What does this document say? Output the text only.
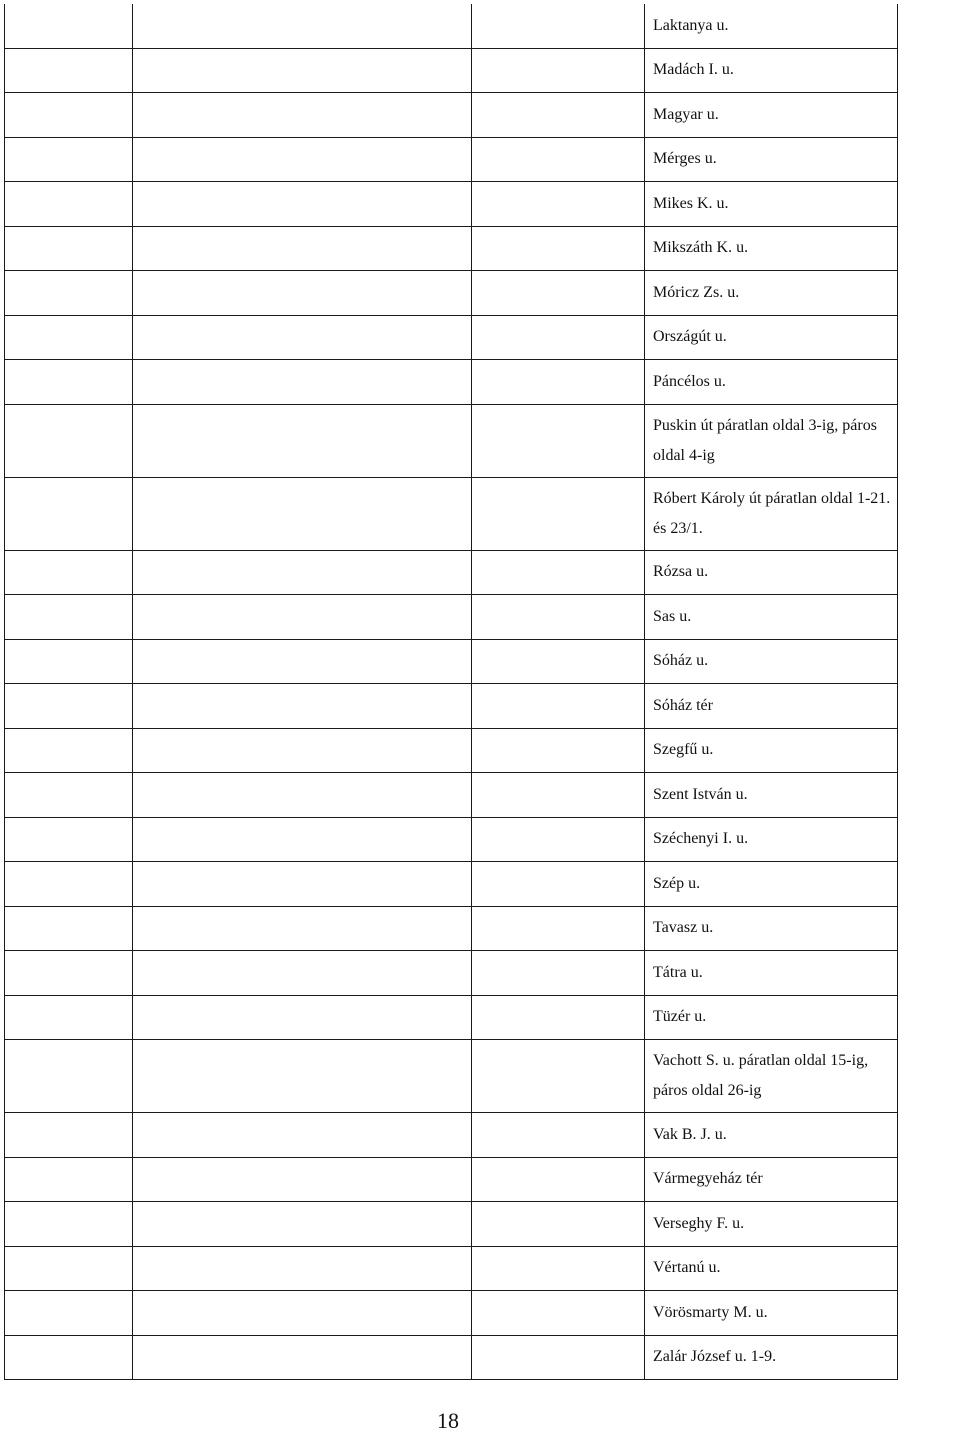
			Laktanya u.
			Madách I. u.
			Magyar u.
			Mérges u.
			Mikes K. u.
			Mikszáth K. u.
			Móricz Zs. u.
			Országút u.
			Páncélos u.
			Puskin út páratlan oldal 3-ig, páros oldal 4-ig
			Róbert Károly út páratlan oldal 1-21. és 23/1.
			Rózsa u.
			Sas u.
			Sóház u.
			Sóház tér
			Szegfű u.
			Szent István u.
			Széchenyi I. u.
			Szép u.
			Tavasz u.
			Tátra u.
			Tüzér u.
			Vachott S. u. páratlan oldal 15-ig, páros oldal 26-ig
			Vak B. J. u.
			Vármegyeház tér
			Verseghy F. u.
			Vértanú u.
			Vörösmarty M. u.
			Zalár József u. 1-9.
18
